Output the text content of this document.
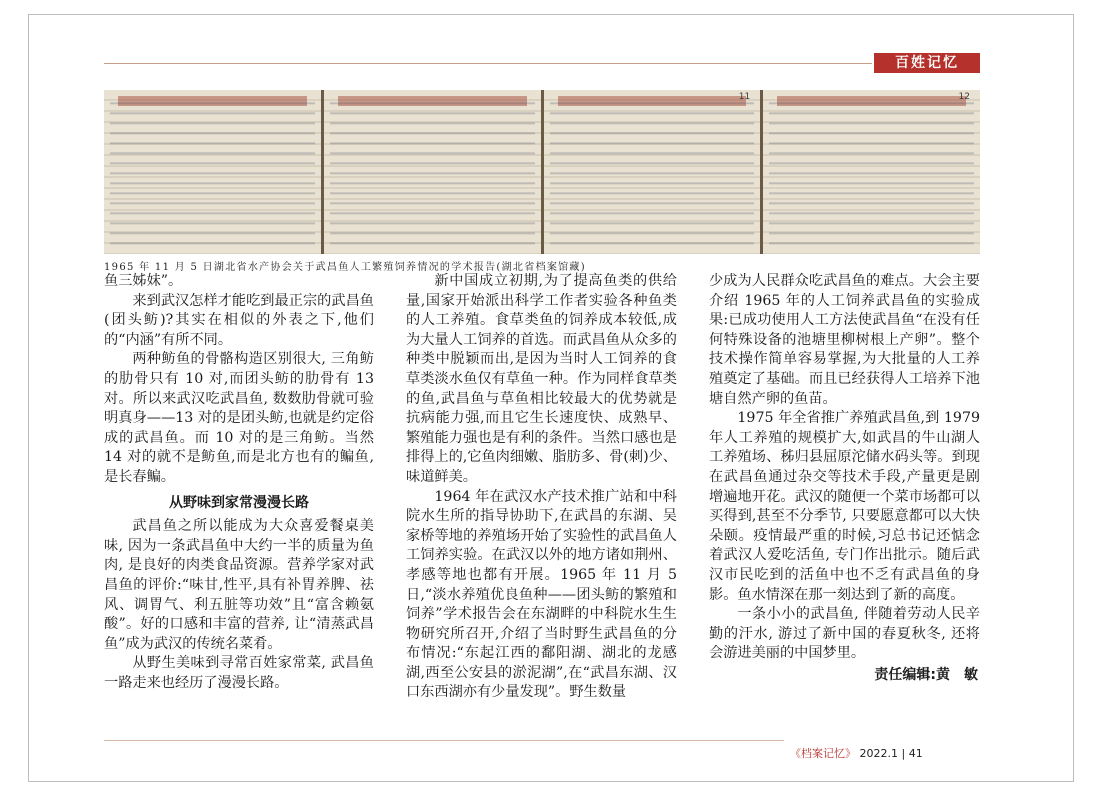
百姓记忆
11	12
1965 年 11 月 5 日湖北省水产协会关于武昌鱼人工繁殖饲养情况的学术报告(湖北省档案馆藏)

鱼三姊妹”。

来到武汉怎样才能吃到最正宗的武昌鱼(团头鲂)?其实在相似的外表之下,他们的“内涵”有所不同。

两种鲂鱼的骨骼构造区别很大, 三角鲂的肋骨只有 10 对,而团头鲂的肋骨有 13 对。所以来武汉吃武昌鱼, 数数肋骨就可验明真身——13 对的是团头鲂,也就是约定俗成的武昌鱼。而 10 对的是三角鲂。当然 14 对的就不是鲂鱼,而是北方也有的鳊鱼,是长春鳊。

从野味到家常漫漫长路

武昌鱼之所以能成为大众喜爱餐桌美味, 因为一条武昌鱼中大约一半的质量为鱼肉, 是良好的肉类食品资源。营养学家对武昌鱼的评价:“味甘,性平,具有补胃养脾、祛风、调胃气、利五脏等功效”且“富含赖氨酸”。好的口感和丰富的营养, 让“清蒸武昌鱼”成为武汉的传统名菜肴。

从野生美味到寻常百姓家常菜, 武昌鱼一路走来也经历了漫漫长路。

新中国成立初期,为了提高鱼类的供给量,国家开始派出科学工作者实验各种鱼类的人工养殖。食草类鱼的饲养成本较低,成为大量人工饲养的首选。而武昌鱼从众多的种类中脱颖而出,是因为当时人工饲养的食草类淡水鱼仅有草鱼一种。作为同样食草类的鱼,武昌鱼与草鱼相比较最大的优势就是抗病能力强,而且它生长速度快、成熟早、繁殖能力强也是有利的条件。当然口感也是排得上的,它鱼肉细嫩、脂肪多、骨(刺)少、味道鲜美。

1964 年在武汉水产技术推广站和中科院水生所的指导协助下,在武昌的东湖、吴家桥等地的养殖场开始了实验性的武昌鱼人工饲养实验。在武汉以外的地方诸如荆州、孝感等地也都有开展。1965 年 11 月 5 日,“淡水养殖优良鱼种——团头鲂的繁殖和饲养”学术报告会在东湖畔的中科院水生生物研究所召开,介绍了当时野生武昌鱼的分布情况:“东起江西的鄱阳湖、湖北的龙感湖,西至公安县的淤泥湖”,在“武昌东湖、汉口东西湖亦有少量发现”。野生数量

少成为人民群众吃武昌鱼的难点。大会主要介绍 1965 年的人工饲养武昌鱼的实验成果:已成功使用人工方法使武昌鱼“在没有任何特殊设备的池塘里柳树根上产卵”。整个技术操作简单容易掌握,为大批量的人工养殖奠定了基础。而且已经获得人工培养下池塘自然产卵的鱼苗。

1975 年全省推广养殖武昌鱼,到 1979 年人工养殖的规模扩大,如武昌的牛山湖人工养殖场、秭归县屈原沱储水码头等。到现在武昌鱼通过杂交等技术手段,产量更是剧增遍地开花。武汉的随便一个菜市场都可以买得到,甚至不分季节, 只要愿意都可以大快朵颐。疫情最严重的时候,习总书记还惦念着武汉人爱吃活鱼, 专门作出批示。随后武汉市民吃到的活鱼中也不乏有武昌鱼的身影。鱼水情深在那一刻达到了新的高度。

一条小小的武昌鱼, 伴随着劳动人民辛勤的汗水, 游过了新中国的春夏秋冬, 还将会游进美丽的中国梦里。

责任编辑:黄　敏
《档案记忆》 2022.1 | 41
